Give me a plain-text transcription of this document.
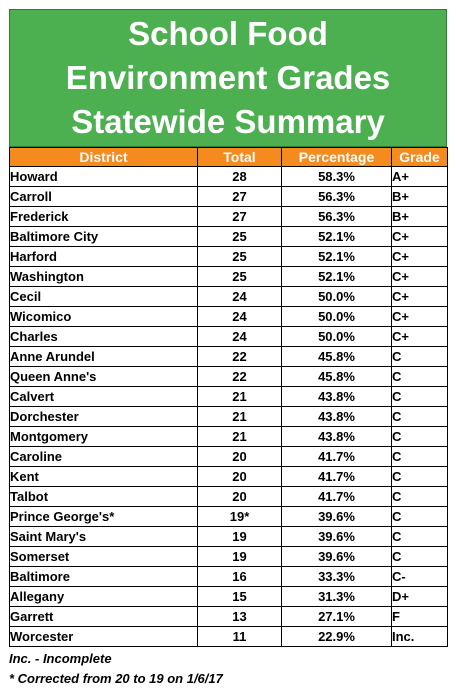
School Food
Environment Grades
Statewide Summary
District	Total	Percentage	Grade
Howard	28	58.3%	A+
Carroll	27	56.3%	B+
Frederick	27	56.3%	B+
Baltimore City	25	52.1%	C+
Harford	25	52.1%	C+
Washington	25	52.1%	C+
Cecil	24	50.0%	C+
Wicomico	24	50.0%	C+
Charles	24	50.0%	C+
Anne Arundel	22	45.8%	C
Queen Anne's	22	45.8%	C
Calvert	21	43.8%	C
Dorchester	21	43.8%	C
Montgomery	21	43.8%	C
Caroline	20	41.7%	C
Kent	20	41.7%	C
Talbot	20	41.7%	C
Prince George's*	19*	39.6%	C
Saint Mary's	19	39.6%	C
Somerset	19	39.6%	C
Baltimore	16	33.3%	C-
Allegany	15	31.3%	D+
Garrett	13	27.1%	F
Worcester	11	22.9%	Inc.
Inc. - Incomplete
* Corrected from 20 to 19 on 1/6/17
